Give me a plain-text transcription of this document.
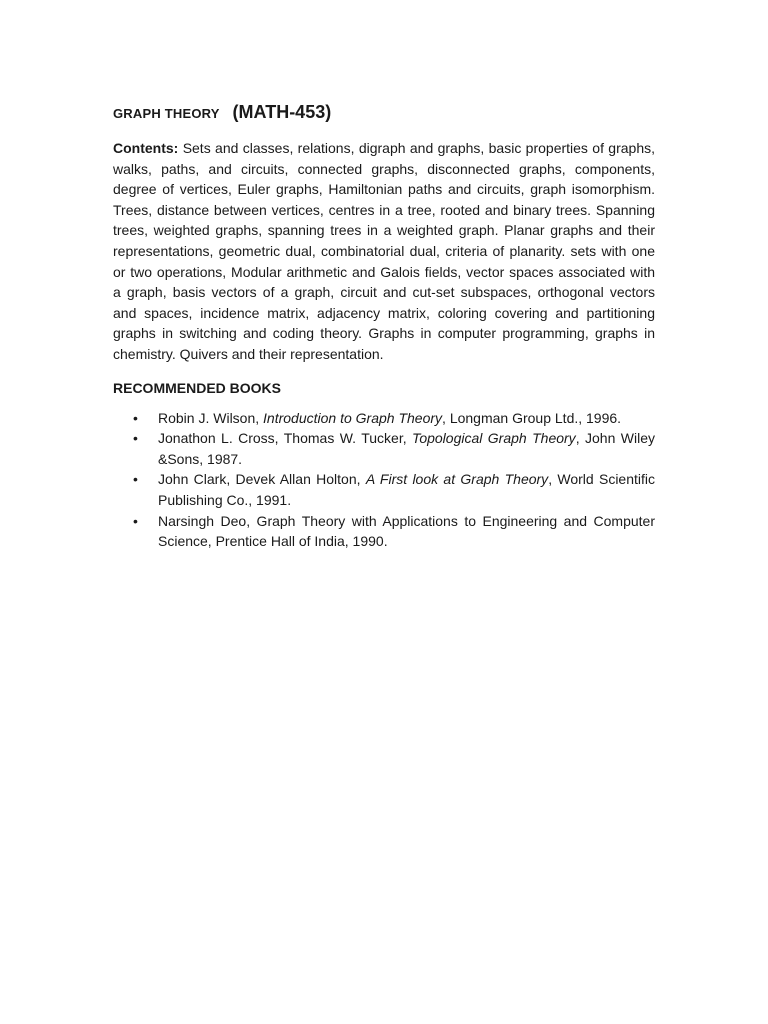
GRAPH THEORY (MATH-453)

Contents: Sets and classes, relations, digraph and graphs, basic properties of graphs, walks, paths, and circuits, connected graphs, disconnected graphs, components, degree of vertices, Euler graphs, Hamiltonian paths and circuits, graph isomorphism. Trees, distance between vertices, centres in a tree, rooted and binary trees. Spanning trees, weighted graphs, spanning trees in a weighted graph. Planar graphs and their representations, geometric dual, combinatorial dual, criteria of planarity. sets with one or two operations, Modular arithmetic and Galois fields, vector spaces associated with a graph, basis vectors of a graph, circuit and cut-set subspaces, orthogonal vectors and spaces, incidence matrix, adjacency matrix, coloring covering and partitioning graphs in switching and coding theory. Graphs in computer programming, graphs in chemistry. Quivers and their representation.

RECOMMENDED BOOKS
• Robin J. Wilson, Introduction to Graph Theory, Longman Group Ltd., 1996.
• Jonathon L. Cross, Thomas W. Tucker, Topological Graph Theory, John Wiley &Sons, 1987.
• John Clark, Devek Allan Holton, A First look at Graph Theory, World Scientific Publishing Co., 1991.
• Narsingh Deo, Graph Theory with Applications to Engineering and Computer Science, Prentice Hall of India, 1990.
